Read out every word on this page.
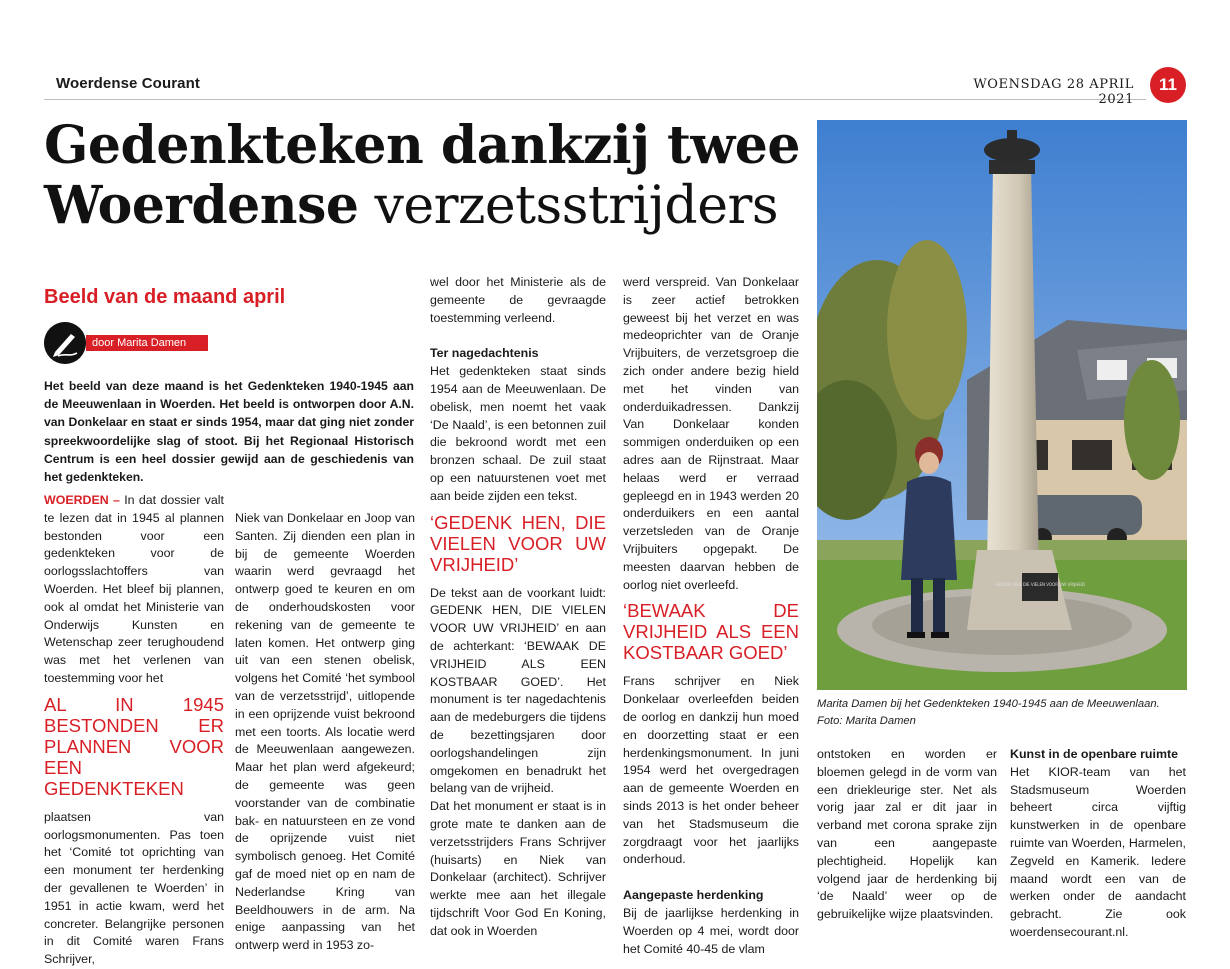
Woerdense Courant	WOENSDAG 28 APRIL 2021
11
Gedenkteken dankzij twee
Woerdense verzetsstrijders
Beeld van de maand april
door Marita Damen
Het beeld van deze maand is het Gedenkteken 1940-1945 aan de Meeuwenlaan in Woerden. Het beeld is ontworpen door A.N. van Donkelaar en staat er sinds 1954, maar dat ging niet zonder spreekwoordelijke slag of stoot. Bij het Regionaal Historisch Centrum is een heel dossier gewijd aan de geschiedenis van het gedenkteken.

WOERDEN – In dat dossier valt te lezen dat in 1945 al plannen bestonden voor een gedenkteken voor de oorlogsslachtoffers van Woerden. Het bleef bij plannen, ook al omdat het Ministerie van Onderwijs Kunsten en Wetenschap zeer terughoudend was met het verlenen van toestemming voor het

AL IN 1945 BESTONDEN ER PLANNEN VOOR EEN GEDENKTEKEN

plaatsen van oorlogsmonumenten. Pas toen het ‘Comité tot oprichting van een monument ter herdenking der gevallenen te Woerden’ in 1951 in actie kwam, werd het concreter. Belangrijke personen in dit Comité waren Frans Schrijver,

Niek van Donkelaar en Joop van Santen. Zij dienden een plan in bij de gemeente Woerden waarin werd gevraagd het ontwerp goed te keuren en om de onderhoudskosten voor rekening van de gemeente te laten komen. Het ontwerp ging uit van een stenen obelisk, volgens het Comité ‘het symbool van de verzetsstrijd’, uitlopende in een oprijzende vuist bekroond met een toorts. Als locatie werd de Meeuwenlaan aangewezen. Maar het plan werd afgekeurd; de gemeente was geen voorstander van de combinatie bak- en natuursteen en ze vond de oprijzende vuist niet symbolisch genoeg. Het Comité gaf de moed niet op en nam de Nederlandse Kring van Beeldhouwers in de arm. Na enige aanpassing van het ontwerp werd in 1953 zo-

wel door het Ministerie als de gemeente de gevraagde toestemming verleend.

Ter nagedachtenis

Het gedenkteken staat sinds 1954 aan de Meeuwenlaan. De obelisk, men noemt het vaak ‘De Naald’, is een betonnen zuil die bekroond wordt met een bronzen schaal. De zuil staat op een natuurstenen voet met aan beide zijden een tekst.

‘GEDENK HEN, DIE VIELEN VOOR UW VRIJHEID’

De tekst aan de voorkant luidt: GEDENK HEN, DIE VIELEN VOOR UW VRIJHEID’ en aan de achterkant: ‘BEWAAK DE VRIJHEID ALS EEN KOSTBAAR GOED’. Het monument is ter nagedachtenis aan de medeburgers die tijdens de bezettingsjaren door oorlogshandelingen zijn omgekomen en benadrukt het belang van de vrijheid.

Dat het monument er staat is in grote mate te danken aan de verzetsstrijders Frans Schrijver (huisarts) en Niek van Donkelaar (architect). Schrijver werkte mee aan het illegale tijdschrift Voor God En Koning, dat ook in Woerden

werd verspreid. Van Donkelaar is zeer actief betrokken geweest bij het verzet en was medeoprichter van de Oranje Vrijbuiters, de verzetsgroep die zich onder andere bezig hield met het vinden van onderduikadressen. Dankzij Van Donkelaar konden sommigen onderduiken op een adres aan de Rijnstraat. Maar helaas werd er verraad gepleegd en in 1943 werden 20 onderduikers en een aantal verzetsleden van de Oranje Vrijbuiters opgepakt. De meesten daarvan hebben de oorlog niet overleefd.

‘BEWAAK DE VRIJHEID ALS EEN KOSTBAAR GOED’

Frans schrijver en Niek Donkelaar overleefden beiden de oorlog en dankzij hun moed en doorzetting staat er een herdenkingsmonument. In juni 1954 werd het overgedragen aan de gemeente Woerden en sinds 2013 is het onder beheer van het Stadsmuseum die zorgdraagt voor het jaarlijks onderhoud.

Aangepaste herdenking

Bij de jaarlijkse herdenking in Woerden op 4 mei, wordt door het Comité 40-45 de vlam

GEDENK HEN DIE VIELEN VOOR UW VRIJHEID
Marita Damen bij het Gedenkteken 1940-1945 aan de Meeuwenlaan.
Foto: Marita Damen

ontstoken en worden er bloemen gelegd in de vorm van een driekleurige ster. Net als vorig jaar zal er dit jaar in verband met corona sprake zijn van een aangepaste plechtigheid. Hopelijk kan volgend jaar de herdenking bij ‘de Naald’ weer op de gebruikelijke wijze plaatsvinden.

Kunst in de openbare ruimte

Het KIOR-team van het Stadsmuseum Woerden beheert circa vijftig kunstwerken in de openbare ruimte van Woerden, Harmelen, Zegveld en Kamerik. Iedere maand wordt een van de werken onder de aandacht gebracht. Zie ook woerdensecourant.nl.
